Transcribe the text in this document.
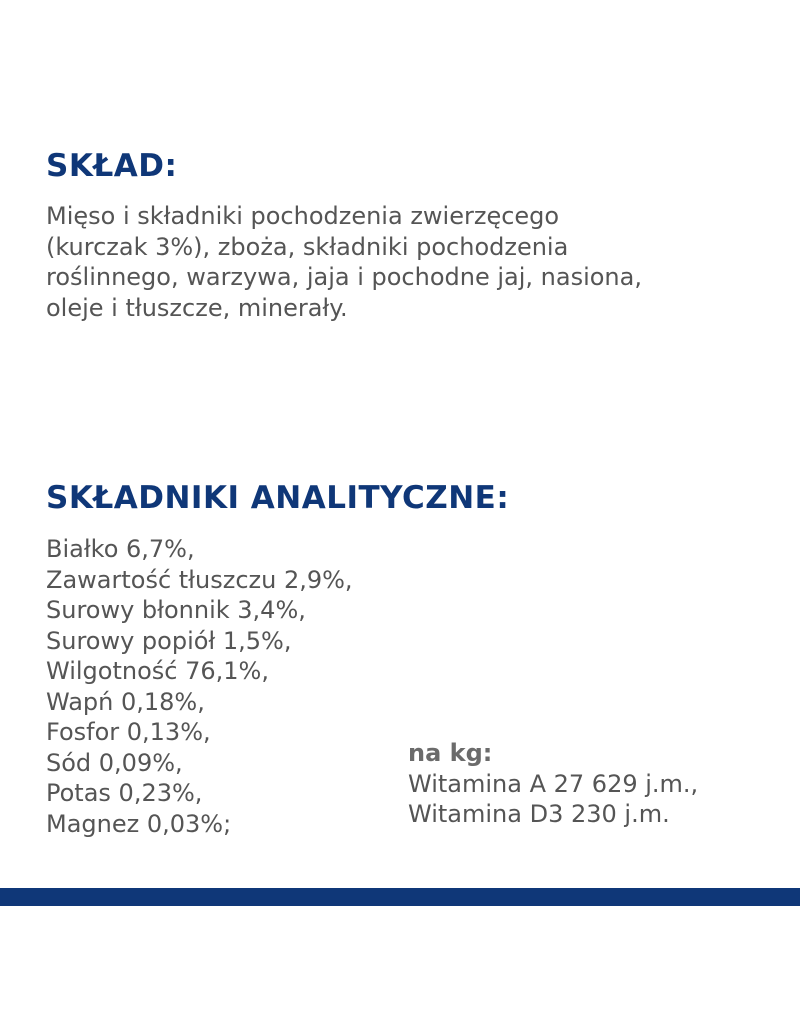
SKŁAD:

Mięso i składniki pochodzenia zwierzęcego
(kurczak 3%), zboża, składniki pochodzenia
roślinnego, warzywa, jaja i pochodne jaj, nasiona,
oleje i tłuszcze, minerały.

SKŁADNIKI ANALITYCZNE:
Białko 6,7%,
Zawartość tłuszczu 2,9%,
Surowy błonnik 3,4%,
Surowy popiół 1,5%,
Wilgotność 76,1%,
Wapń 0,18%,
Fosfor 0,13%,
Sód 0,09%,
Potas 0,23%,
Magnez 0,03%;
na kg:
Witamina A 27 629 j.m.,
Witamina D3 230 j.m.
